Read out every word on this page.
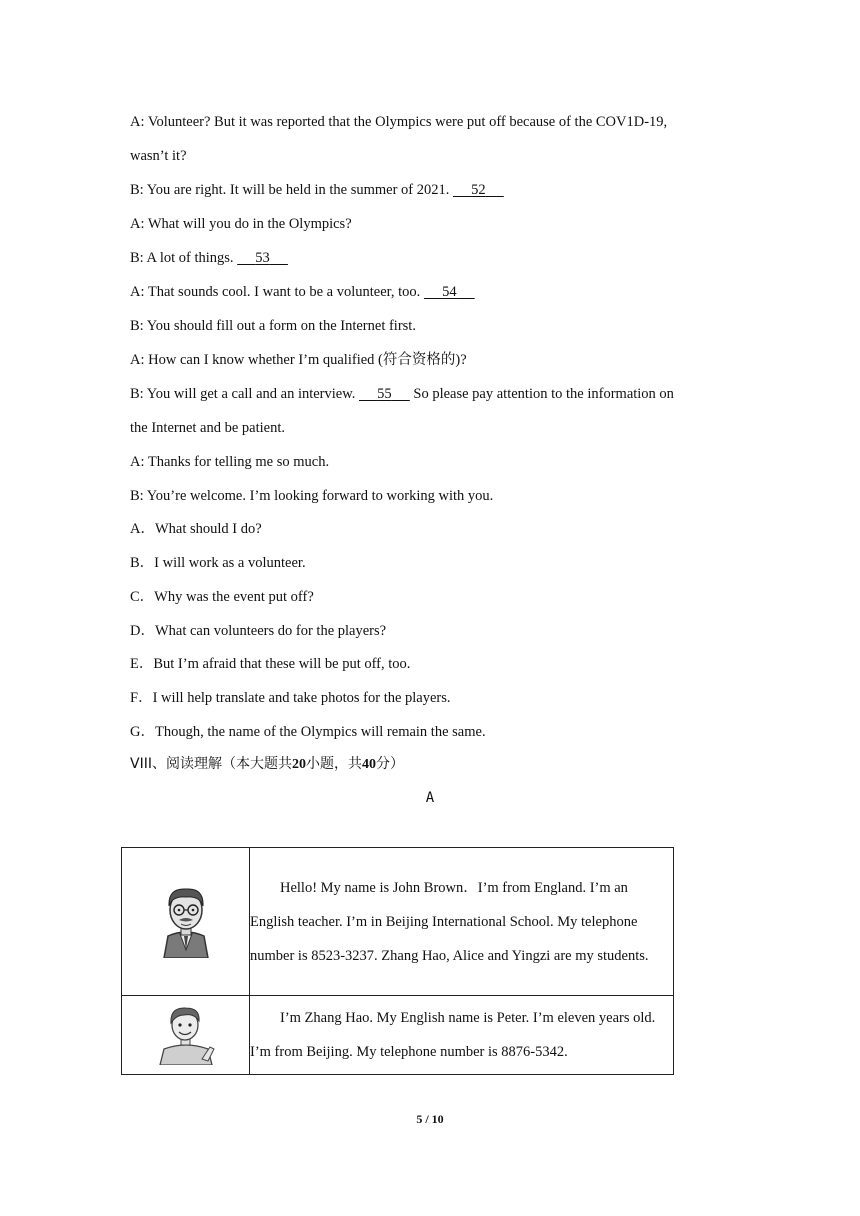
A: Volunteer? But it was reported that the Olympics were put off because of the COV1D-19,
wasn’t it?
B: You are right. It will be held in the summer of 2021.      52
A: What will you do in the Olympics?
B: A lot of things.      53
A: That sounds cool. I want to be a volunteer, too.      54
B: You should fill out a form on the Internet first.
A: How can I know whether I’m qualified (符合资格的)?
B: You will get a call and an interview.      55      So please pay attention to the information on
the Internet and be patient.
A: Thanks for telling me so much.
B: You’re welcome. I’m looking forward to working with you.
A．What should I do?
B．I will work as a volunteer.
C．Why was the event put off?
D．What can volunteers do for the players?
E．But I’m afraid that these will be put off, too.
F．I will help translate and take photos for the players.
G．Though, the name of the Olympics will remain the same.
VIII、阅读理解（本大题共20小题，共40分）
A

Hello! My name is John Brown．I’m from England. I’m an English teacher. I’m in Beijing International School. My telephone number is 8523-3237. Zhang Hao, Alice and Yingzi are my students.

I’m Zhang Hao. My English name is Peter. I’m eleven years old. I’m from Beijing. My telephone number is 8876-5342.

5 / 10
